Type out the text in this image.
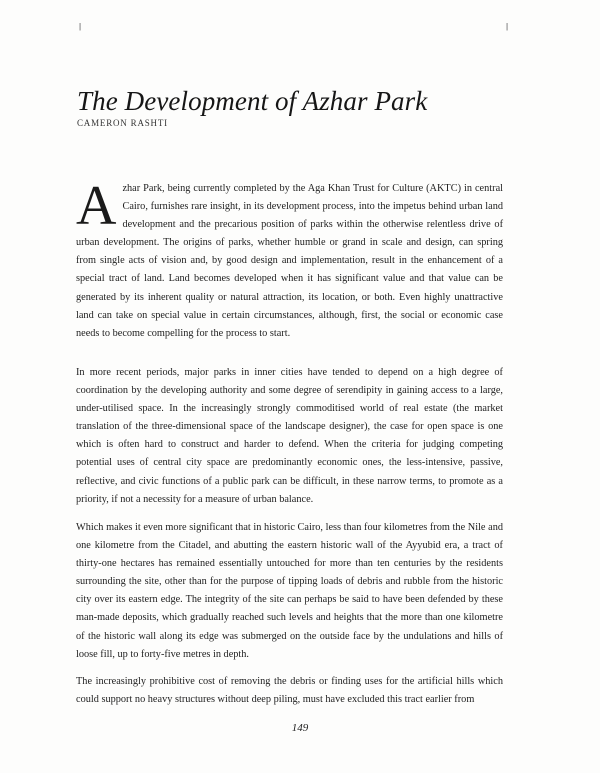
|	|
The Development of Azhar Park
CAMERON RASHTI

Azhar Park, being currently completed by the Aga Khan Trust for Culture (AKTC) in central Cairo, furnishes rare insight, in its development process, into the impetus behind urban land development and the precarious position of parks within the otherwise relentless drive of urban development. The origins of parks, whether humble or grand in scale and design, can spring from single acts of vision and, by good design and implementation, result in the enhancement of a special tract of land. Land becomes developed when it has significant value and that value can be generated by its inherent quality or natural attraction, its location, or both. Even highly unattractive land can take on special value in certain circumstances, although, first, the social or economic case needs to become compelling for the process to start.

In more recent periods, major parks in inner cities have tended to depend on a high degree of coordination by the developing authority and some degree of serendipity in gaining access to a large, under-utilised space. In the increasingly strongly commoditised world of real estate (the market translation of the three-dimensional space of the landscape designer), the case for open space is one which is often hard to construct and harder to defend. When the criteria for judging competing potential uses of central city space are predominantly economic ones, the less-intensive, passive, reflective, and civic functions of a public park can be difficult, in these narrow terms, to promote as a priority, if not a necessity for a measure of urban balance.

Which makes it even more significant that in historic Cairo, less than four kilometres from the Nile and one kilometre from the Citadel, and abutting the eastern historic wall of the Ayyubid era, a tract of thirty-one hectares has remained essentially untouched for more than ten centuries by the residents surrounding the site, other than for the purpose of tipping loads of debris and rubble from the historic city over its eastern edge. The integrity of the site can perhaps be said to have been defended by these man-made deposits, which gradually reached such levels and heights that the more than one kilometre of the historic wall along its edge was submerged on the outside face by the undulations and hills of loose fill, up to forty-five metres in depth.

The increasingly prohibitive cost of removing the debris or finding uses for the artificial hills which could support no heavy structures without deep piling, must have excluded this tract earlier from

149
